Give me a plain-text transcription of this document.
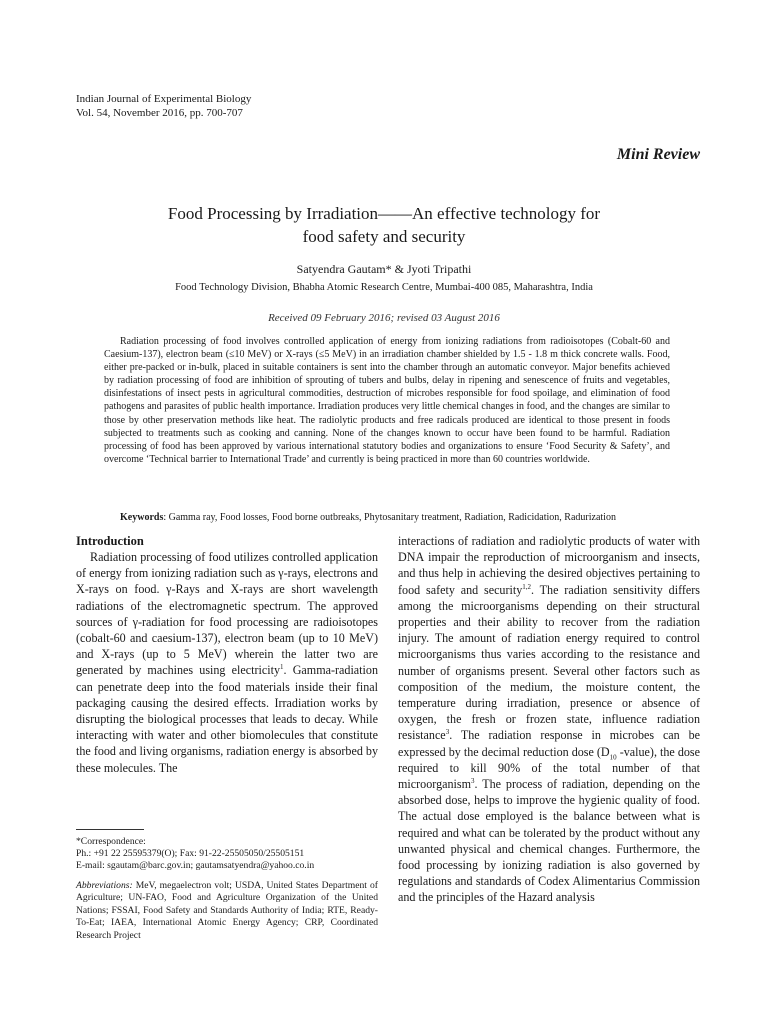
Indian Journal of Experimental Biology
Vol. 54, November 2016, pp. 700-707
Mini Review
Food Processing by Irradiation——An effective technology for
food safety and security
Satyendra Gautam* & Jyoti Tripathi
Food Technology Division, Bhabha Atomic Research Centre, Mumbai-400 085, Maharashtra, India
Received 09 February 2016; revised 03 August 2016

Radiation processing of food involves controlled application of energy from ionizing radiations from radioisotopes (Cobalt-60 and Caesium-137), electron beam (≤10 MeV) or X-rays (≤5 MeV) in an irradiation chamber shielded by 1.5 - 1.8 m thick concrete walls. Food, either pre-packed or in-bulk, placed in suitable containers is sent into the chamber through an automatic conveyor. Major benefits achieved by radiation processing of food are inhibition of sprouting of tubers and bulbs, delay in ripening and senescence of fruits and vegetables, disinfestations of insect pests in agricultural commodities, destruction of microbes responsible for food spoilage, and elimination of food pathogens and parasites of public health importance. Irradiation produces very little chemical changes in food, and the changes are similar to those by other preservation methods like heat. The radiolytic products and free radicals produced are identical to those present in foods subjected to treatments such as cooking and canning. None of the changes known to occur have been found to be harmful. Radiation processing of food has been approved by various international statutory bodies and organizations to ensure ‘Food Security & Safety’, and overcome ‘Technical barrier to International Trade’ and currently is being practiced in more than 60 countries worldwide.

Keywords: Gamma ray, Food losses, Food borne outbreaks, Phytosanitary treatment, Radiation, Radicidation, Radurization

Introduction

Radiation processing of food utilizes controlled application of energy from ionizing radiation such as γ-rays, electrons and X-rays on food. γ-Rays and X-rays are short wavelength radiations of the electromagnetic spectrum. The approved sources of γ-radiation for food processing are radioisotopes (cobalt-60 and caesium-137), electron beam (up to 10 MeV) and X-rays (up to 5 MeV) wherein the latter two are generated by machines using electricity$^1$. Gamma-radiation can penetrate deep into the food materials inside their final packaging causing the desired effects. Irradiation works by disrupting the biological processes that leads to decay. While interacting with water and other biomolecules that constitute the food and living organisms, radiation energy is absorbed by these molecules. The

interactions of radiation and radiolytic products of water with DNA impair the reproduction of microorganism and insects, and thus help in achieving the desired objectives pertaining to food safety and security$^{1,2}$. The radiation sensitivity differs among the microorganisms depending on their structural properties and their ability to recover from the radiation injury. The amount of radiation energy required to control microorganisms thus varies according to the resistance and number of organisms present. Several other factors such as composition of the medium, the moisture content, the temperature during irradiation, presence or absence of oxygen, the fresh or frozen state, influence radiation resistance$^3$. The radiation response in microbes can be expressed by the decimal reduction dose ($D_{10}$ -value), the dose required to kill 90% of the total number of that microorganism$^3$. The process of radiation, depending on the absorbed dose, helps to improve the hygienic quality of food. The actual dose employed is the balance between what is required and what can be tolerated by the product without any unwanted physical and chemical changes. Furthermore, the food processing by ionizing radiation is also governed by regulations and standards of Codex Alimentarius Commission and the principles of the Hazard analysis

*Correspondence:
Ph.: +91 22 25595379(O); Fax: 91-22-25505050/25505151
E-mail: sgautam@barc.gov.in; gautamsatyendra@yahoo.co.in

Abbreviations: MeV, megaelectron volt; USDA, United States Department of Agriculture; UN-FAO, Food and Agriculture Organization of the United Nations; FSSAI, Food Safety and Standards Authority of India; RTE, Ready-To-Eat; IAEA, International Atomic Energy Agency; CRP, Coordinated Research Project
